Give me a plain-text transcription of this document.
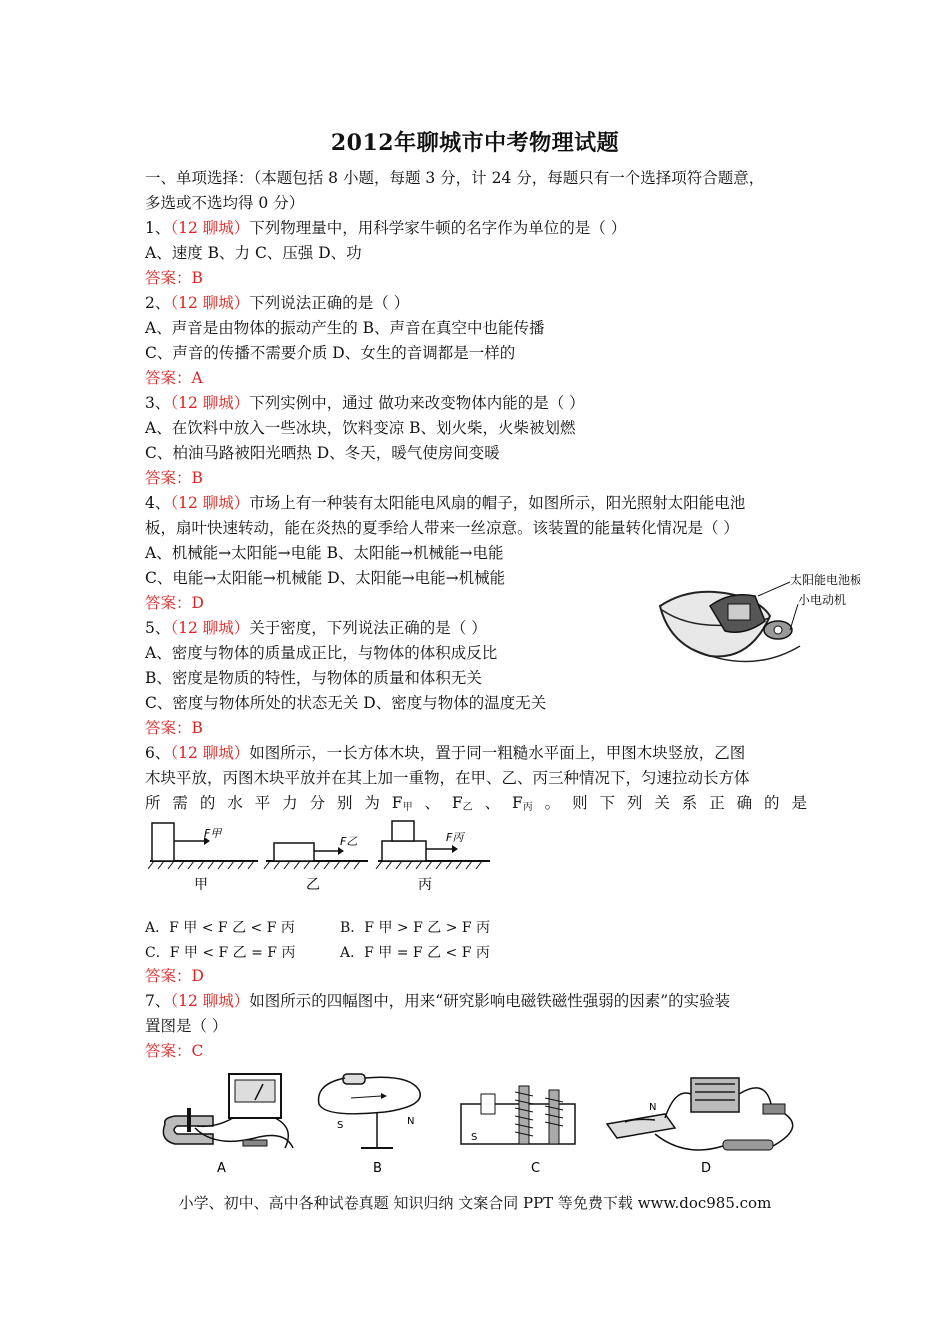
2012年聊城市中考物理试题
一、单项选择：（本题包括 8 小题，每题 3 分，计 24 分，每题只有一个选择项符合题意，
多选或不选均得 0 分）
1、（12 聊城）下列物理量中，用科学家牛顿的名字作为单位的是（ ）
A、速度 B、力 C、压强 D、功
答案：B
2、（12 聊城）下列说法正确的是（ ）
A、声音是由物体的振动产生的 B、声音在真空中也能传播
C、声音的传播不需要介质 D、女生的音调都是一样的
答案：A
3、（12 聊城）下列实例中，通过 做功来改变物体内能的是（ ）
A、在饮料中放入一些冰块，饮料变凉 B、划火柴，火柴被划燃
C、柏油马路被阳光晒热 D、冬天，暖气使房间变暖
答案：B
4、（12 聊城）市场上有一种装有太阳能电风扇的帽子，如图所示，阳光照射太阳能电池
板，扇叶快速转动，能在炎热的夏季给人带来一丝凉意。该装置的能量转化情况是（ ）
A、机械能→太阳能→电能 B、太阳能→机械能→电能
C、电能→太阳能→机械能 D、太阳能→电能→机械能
答案：D
太阳能电池板
小电动机
5、（12 聊城）关于密度，下列说法正确的是（ ）
A、密度与物体的质量成正比，与物体的体积成反比
B、密度是物质的特性，与物体的质量和体积无关
C、密度与物体所处的状态无关 D、密度与物体的温度无关
答案：B
6、（12 聊城）如图所示，一长方体木块，置于同一粗糙水平面上，甲图木块竖放，乙图
木块平放，丙图木块平放并在其上加一重物，在甲、乙、丙三种情况下，匀速拉动长方体
所 需 的 水 平 力 分 别 为 $F_甲$ 、 $F_乙$ 、 $F_丙$ 。 则 下 列 关 系 正 确 的 是
F甲
甲
F乙
乙
F丙
丙
A．F 甲 < F 乙 < F 丙	B．F 甲 > F 乙 > F 丙
C．F 甲 < F 乙 = F 丙	A．F 甲 = F 乙 < F 丙
答案：D
7、（12 聊城）如图所示的四幅图中，用来“研究影响电磁铁磁性强弱的因素”的实验装
置图是（ ）
答案：C
A
S	N
B
S
C
N
D
小学、初中、高中各种试卷真题 知识归纳 文案合同 PPT 等免费下载 www.doc985.com
